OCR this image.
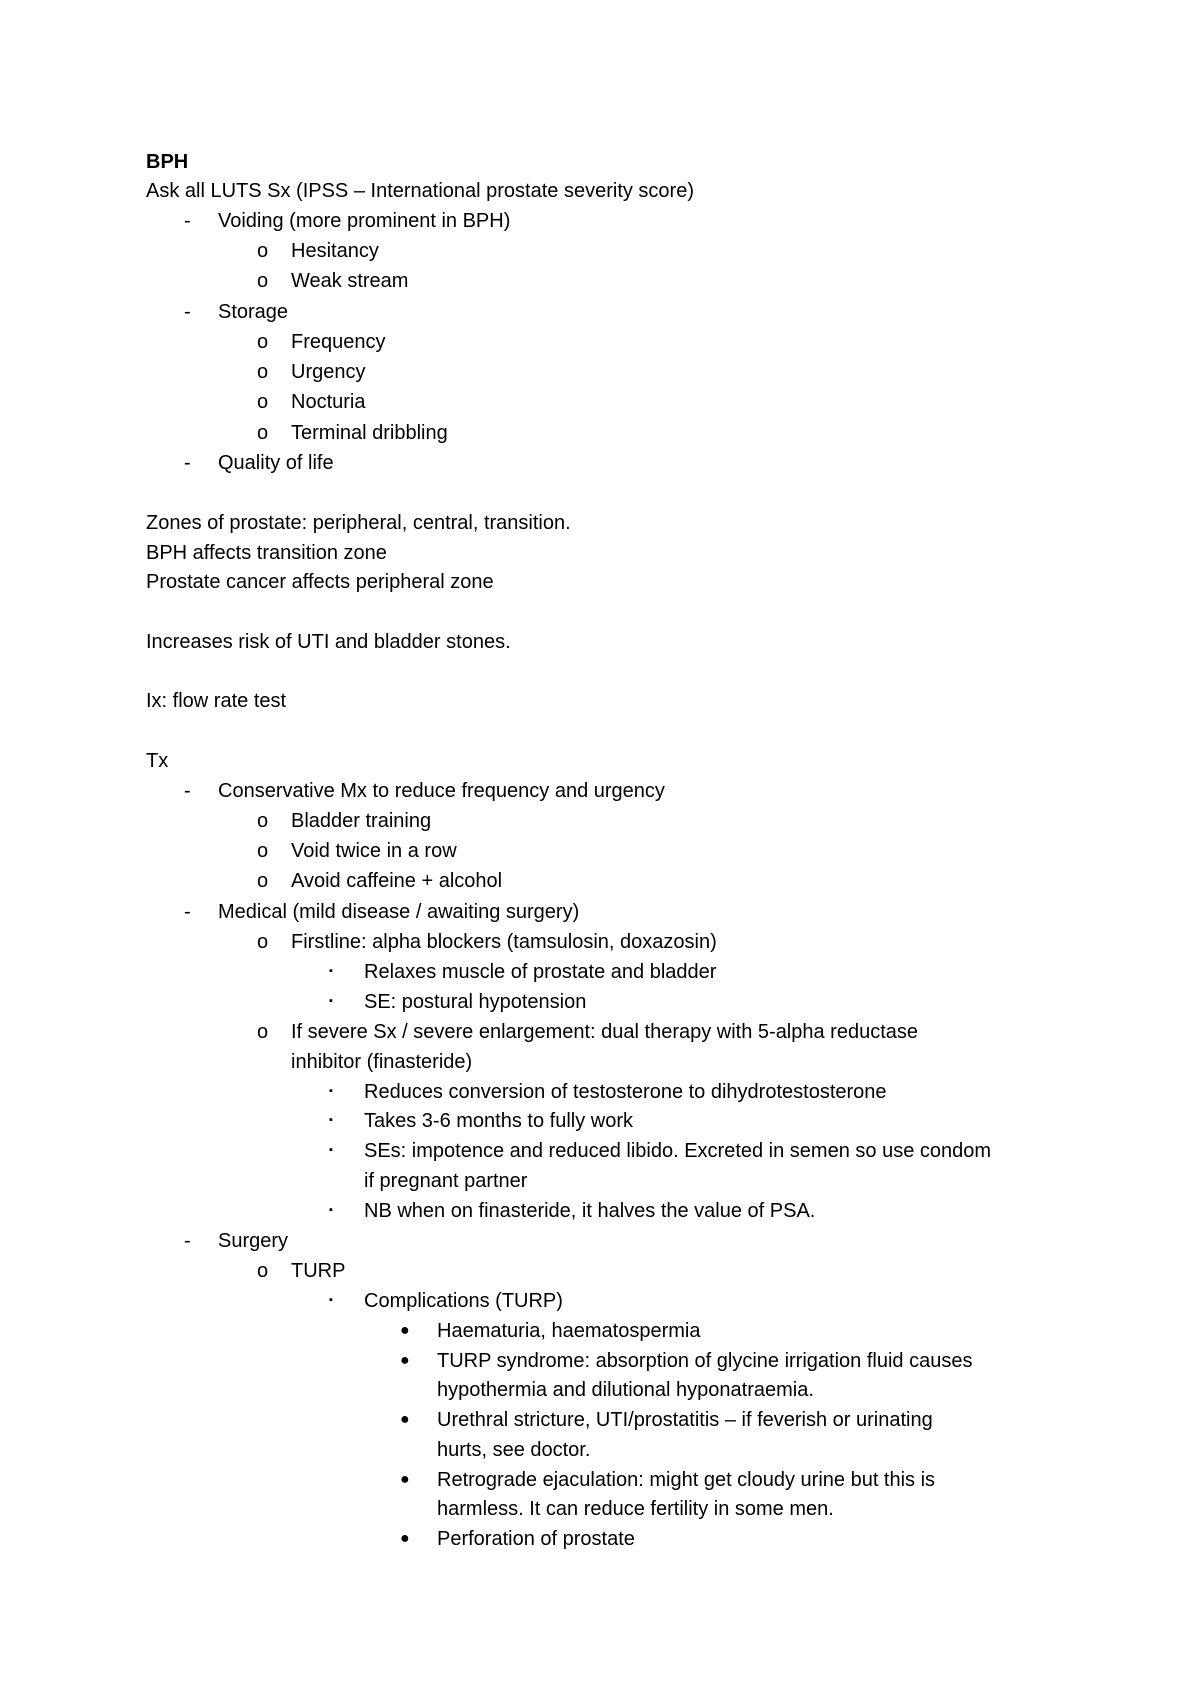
BPH
Ask all LUTS Sx (IPSS – International prostate severity score)
- Voiding (more prominent in BPH)
o Hesitancy
o Weak stream
- Storage
o Frequency
o Urgency
o Nocturia
o Terminal dribbling
- Quality of life
Zones of prostate: peripheral, central, transition.
BPH affects transition zone
Prostate cancer affects peripheral zone
Increases risk of UTI and bladder stones.
Ix: flow rate test
Tx
- Conservative Mx to reduce frequency and urgency
o Bladder training
o Void twice in a row
o Avoid caffeine + alcohol
- Medical (mild disease / awaiting surgery)
o Firstline: alpha blockers (tamsulosin, doxazosin)
▪ Relaxes muscle of prostate and bladder
▪ SE: postural hypotension
o If severe Sx / severe enlargement: dual therapy with 5-alpha reductase
inhibitor (finasteride)
▪ Reduces conversion of testosterone to dihydrotestosterone
▪ Takes 3-6 months to fully work
▪ SEs: impotence and reduced libido. Excreted in semen so use condom
if pregnant partner
▪ NB when on finasteride, it halves the value of PSA.
- Surgery
o TURP
▪ Complications (TURP)
● Haematuria, haematospermia
● TURP syndrome: absorption of glycine irrigation fluid causes
hypothermia and dilutional hyponatraemia.
● Urethral stricture, UTI/prostatitis – if feverish or urinating
hurts, see doctor.
● Retrograde ejaculation: might get cloudy urine but this is
harmless. It can reduce fertility in some men.
● Perforation of prostate
